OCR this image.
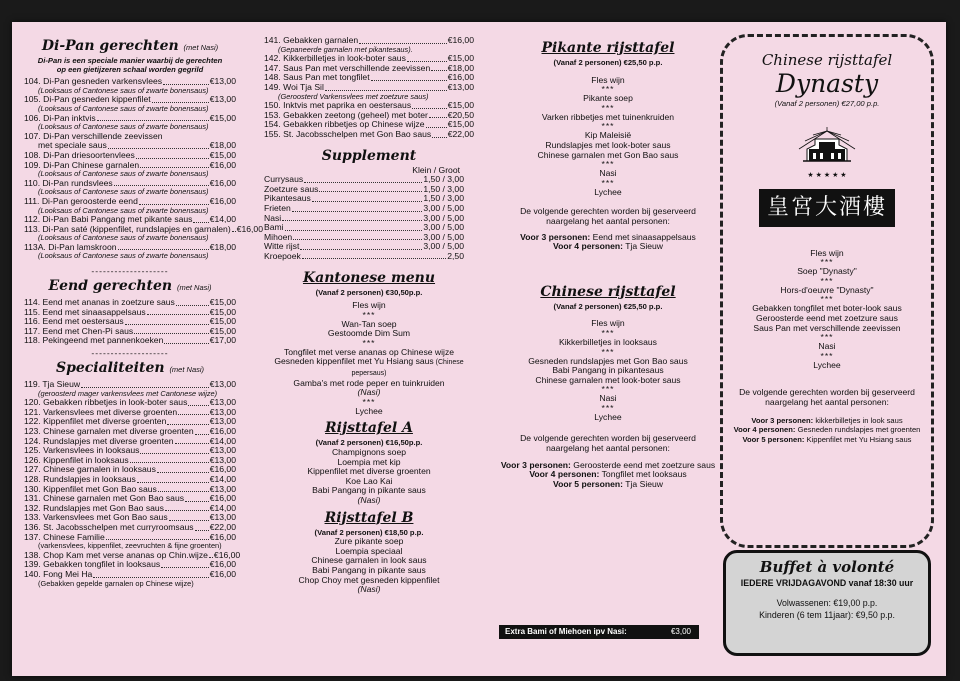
Di-Pan gerechten (met Nasi)
Di-Pan is een speciale manier waarbij de gerechten
op een gietijzeren schaal worden gegrild
104. Di-Pan gesneden varkensvlees	€13,00
(Looksaus of Cantonese saus of zwarte bonensaus)
105. Di-Pan gesneden kippenfilet	€13,00
(Looksaus of Cantonese saus of zwarte bonensaus)
106. Di-Pan inktvis	€15,00
(Looksaus of Cantonese saus of zwarte bonensaus)
107. Di-Pan verschillende zeevissen
met speciale saus	€18,00
108. Di-Pan driesoortenvlees	€15,00
109. Di-Pan Chinese garnalen	€16,00
(Looksaus of Cantonese saus of zwarte bonensaus)
110. Di-Pan rundsvlees	€16,00
(Looksaus of Cantonese saus of zwarte bonensaus)
111. Di-Pan geroosterde eend	€16,00
(Looksaus of Cantonese saus of zwarte bonensaus)
112. Di-Pan Babi Pangang met pikante saus €14,00
113. Di-Pan saté (kippenfilet, rundslapjes en garnalen) €16,00
(Looksaus of Cantonese saus of zwarte bonensaus)
113A. Di-Pan lamskroon	€18,00
(Looksaus of Cantonese saus of zwarte bonensaus)
--------------------
Eend gerechten (met Nasi)
114. Eend met ananas in zoetzure saus	€15,00
115. Eend met sinaasappelsaus	€15,00
116. Eend met oestersaus	€15,00
117. Eend met Chen-Pi saus	€15,00
118. Pekingeend met pannenkoeken	€17,00
--------------------
Specialiteiten (met Nasi)
119. Tja Sieuw	€13,00
(geroosterd mager varkensvlees met Cantonese wijze)
120. Gebakken ribbetjes in look-boter saus	€13,00
121. Varkensvlees met diverse groenten	€13,00
122. Kippenfilet met diverse groenten	€13,00
123. Chinese garnalen met diverse groenten €16,00
124. Rundslapjes met diverse groenten	€14,00
125. Varkensvlees in looksaus	€13,00
126. Kippenfilet in looksaus	€13,00
127. Chinese garnalen in looksaus	€16,00
128. Rundslapjes in looksaus	€14,00
130. Kippenfilet met Gon Bao saus	€13,00
131. Chinese garnalen met Gon Bao saus	€16,00
132. Rundslapjes met Gon Bao saus	€14,00
133. Varkensvlees met Gon Bao saus	€13,00
136. St. Jacobsschelpen met curryroomsaus €22,00
137. Chinese Familie	€16,00
(varkensvlees, kippenfilet, zeevruchten & fijne groenten)
138. Chop Kam met verse ananas op Chin.wijze €16,00
139. Gebakken tongfilet in looksaus	€16,00
140. Fong Mei Ha	€16,00
(Gebakken gepelde garnalen op Chinese wijze)
141. Gebakken garnalen	€16,00
(Gepaneerde garnalen met pikantesaus).
142. Kikkerbilletjes in look-boter saus	€15,00
147. Saus Pan met verschillende zeevissen €18,00
148. Saus Pan met tongfilet	€16,00
149. Woi Tja Sil	€13,00
(Geroosterd Varkensvlees met zoetzure saus)
150. Inktvis met paprika en oestersaus	€15,00
153. Gebakken zeetong (geheel) met boter €20,50
154. Gebakken ribbetjes op Chinese wijze	€15,00
155. St. Jacobsschelpen met Gon Bao saus €22,00
Supplement
Klein / Groot
Currysaus	1,50 / 3,00
Zoetzure saus	1,50 / 3,00
Pikantesaus	1,50 / 3,00
Frieten	3,00 / 5,00
Nasi	3,00 / 5,00
Bami	3,00 / 5,00
Mihoen	3,00 / 5,00
Witte rijst	3,00 / 5,00
Kroepoek	2,50
Kantonese menu
(Vanaf 2 personen) €30,50p.p.
Fles wijn
***
Wan-Tan soep
Gestoomde Dim Sum
***
Tongfilet met verse ananas op Chinese wijze
Gesneden kippenfilet met Yu Hsiang saus (Chinese pepersaus)
Gamba's met rode peper en tuinkruiden
(Nasi)
***
Lychee
Rijsttafel A
(Vanaf 2 personen) €16,50p.p.
Champignons soep
Loempia met kip
Kippenfilet met diverse groenten
Koe Lao Kai
Babi Pangang in pikante saus
(Nasi)
Rijsttafel B
(Vanaf 2 personen) €18,50 p.p.
Zure pikante soep
Loempia speciaal
Chinese garnalen in look saus
Babi Pangang in pikante saus
Chop Choy met gesneden kippenfilet
(Nasi)
Pikante rijsttafel
(Vanaf 2 personen) €25,50 p.p.
Fles wijn
***
Pikante soep
***
Varken ribbetjes met tuinenkruiden
***
Kip Maleisië
Rundslapjes met look-boter saus
Chinese garnalen met Gon Bao saus
***
Nasi
***
Lychee
De volgende gerechten worden bij geserveerd
naargelang het aantal personen:
Voor 3 personen: Eend met sinaasappelsaus
Voor 4 personen: Tja Sieuw
Chinese rijsttafel
(Vanaf 2 personen) €25,50 p.p.
Fles wijn
***
Kikkerbilletjes in looksaus
***
Gesneden rundslapjes met Gon Bao saus
Babi Pangang in pikantesaus
Chinese garnalen met look-boter saus
***
Nasi
***
Lychee
De volgende gerechten worden bij geserveerd
naargelang het aantal personen:
Voor 3 personen: Geroosterde eend met zoetzure saus
Voor 4 personen: Tongfilet met looksaus
Voor 5 personen: Tja Sieuw
Extra Bami of Miehoen ipv Nasi:	€3,00
Chinese rijsttafel
Dynasty
(Vanaf 2 personen) €27,00 p.p.
★ ★ ★ ★ ★
皇宮大酒樓
Fles wijn
***
Soep "Dynasty"
***
Hors-d'oeuvre "Dynasty"
***
Gebakken tongfilet met boter-look saus
Geroosterde eend met zoetzure saus
Saus Pan met verschillende zeevissen
***
Nasi
***
Lychee
De volgende gerechten worden bij geserveerd
naargelang het aantal personen:
Voor 3 personen: kikkerbilletjes in look saus
Voor 4 personen: Gesneden rundslapjes met groenten
Voor 5 personen: Kippenfilet met Yu Hsiang saus
Buffet à volonté
IEDERE VRIJDAGAVOND vanaf 18:30 uur
Volwassenen: €19,00 p.p.
Kinderen (6 tem 11jaar): €9,50 p.p.
